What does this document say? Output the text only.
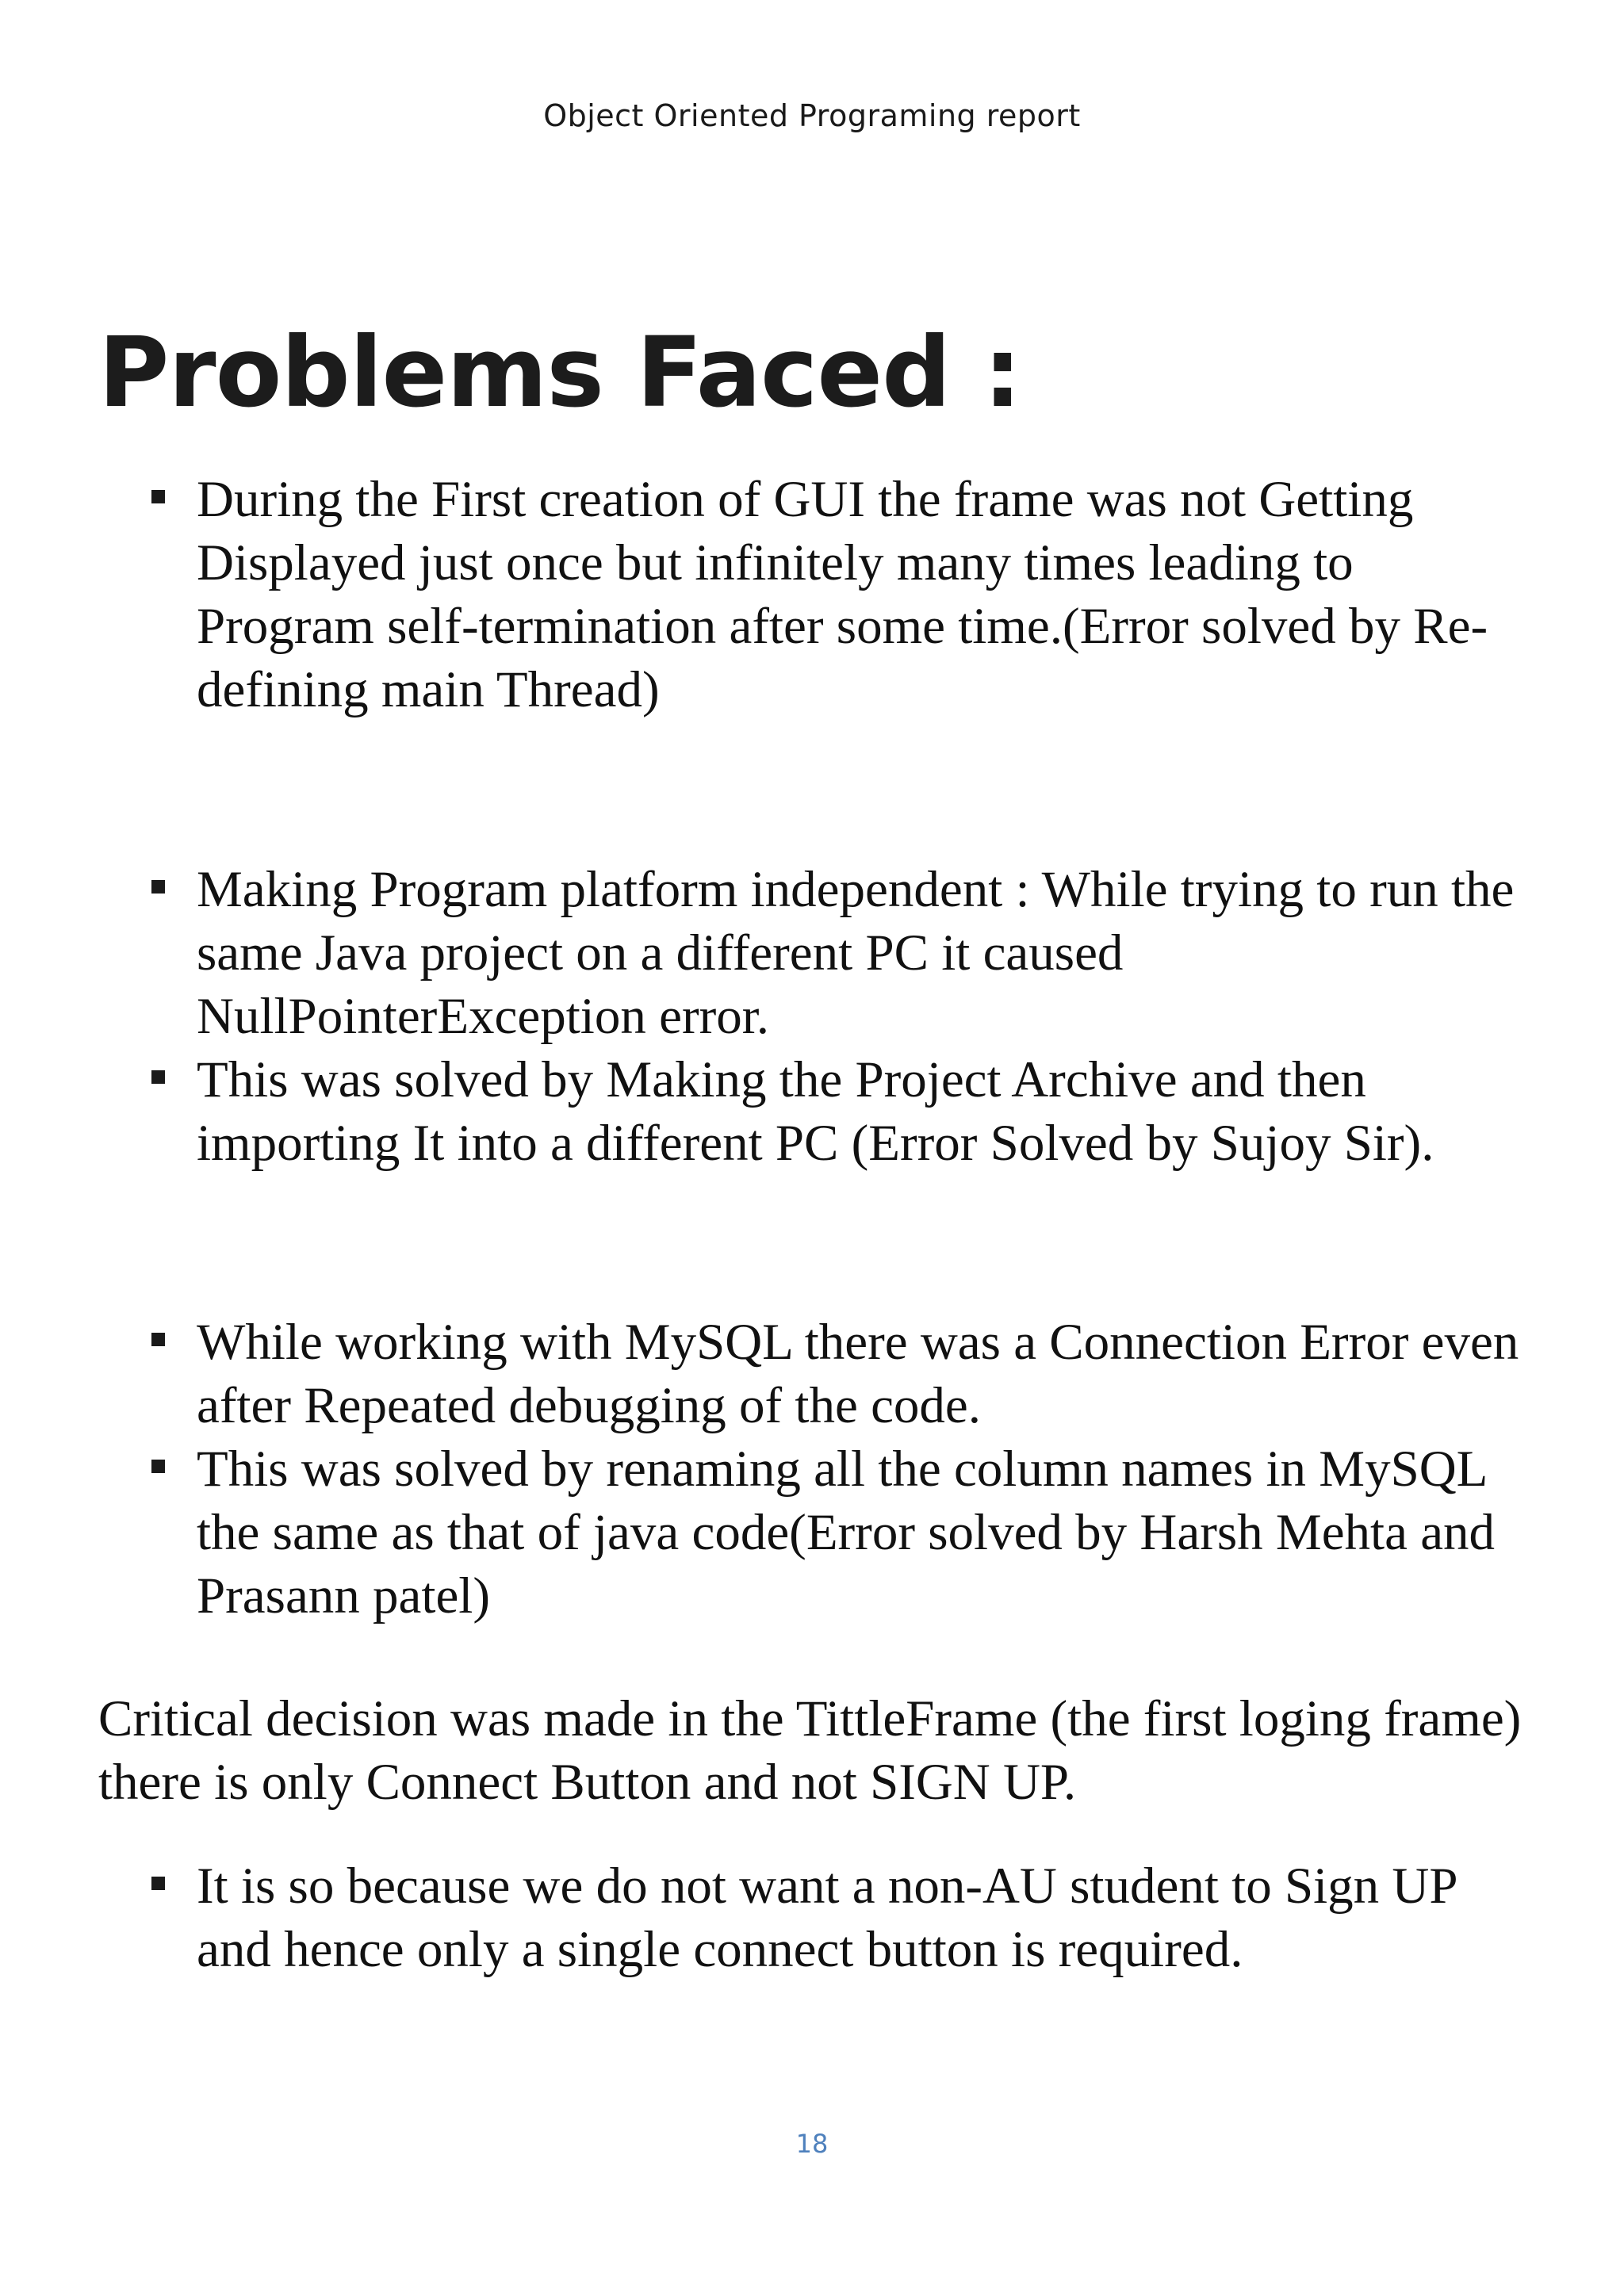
Object Oriented Programing report
Problems Faced :
During the First creation of GUI the frame was not Getting Displayed just once but infinitely many times leading to Program self-termination after some time.(Error solved by Re-defining main Thread)
Making Program platform independent : While trying to run the same Java project on a different PC it caused NullPointerException error.
This was solved by Making the Project Archive and then importing It into a different PC (Error Solved by Sujoy Sir).
While working with MySQL there was a Connection Error even after Repeated debugging of the code.
This was solved by renaming all the column names in MySQL the same as that of java code(Error solved by Harsh Mehta and Prasann patel)

Critical decision was made in the TittleFrame (the first loging frame) there is only Connect Button and not SIGN UP.

It is so because we do not want a non-AU student to Sign UP and hence only a single connect button is required.
18
